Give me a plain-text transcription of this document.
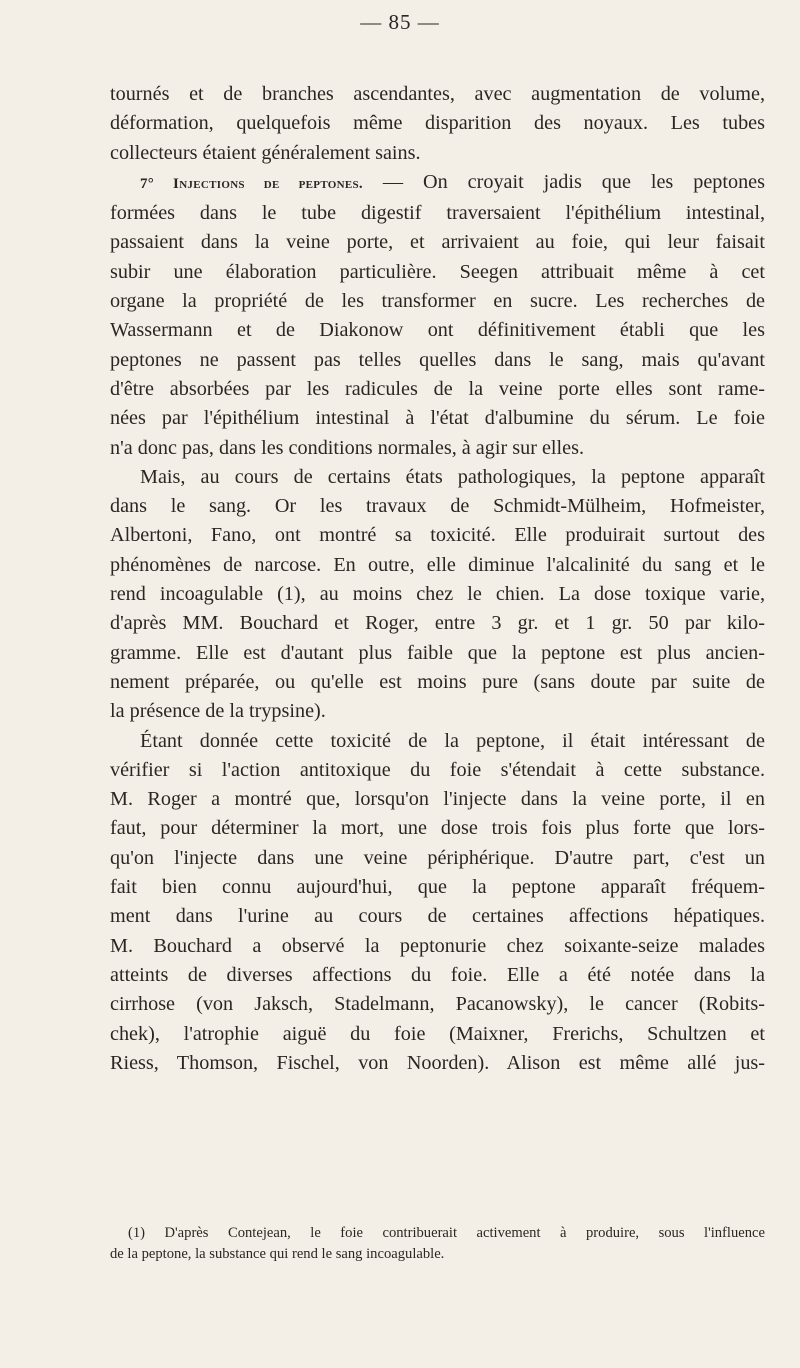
— 85 —

tournés et de branches ascendantes, avec augmentation de volume,
déformation, quelquefois même disparition des noyaux. Les tubes
collecteurs étaient généralement sains.

7° Injections de peptones. — On croyait jadis que les peptones
formées dans le tube digestif traversaient l'épithélium intestinal,
passaient dans la veine porte, et arrivaient au foie, qui leur faisait
subir une élaboration particulière. Seegen attribuait même à cet
organe la propriété de les transformer en sucre. Les recherches de
Wassermann et de Diakonow ont définitivement établi que les
peptones ne passent pas telles quelles dans le sang, mais qu'avant
d'être absorbées par les radicules de la veine porte elles sont rame-
nées par l'épithélium intestinal à l'état d'albumine du sérum. Le foie
n'a donc pas, dans les conditions normales, à agir sur elles.

Mais, au cours de certains états pathologiques, la peptone apparaît
dans le sang. Or les travaux de Schmidt-Mülheim, Hofmeister,
Albertoni, Fano, ont montré sa toxicité. Elle produirait surtout des
phénomènes de narcose. En outre, elle diminue l'alcalinité du sang et le
rend incoagulable (1), au moins chez le chien. La dose toxique varie,
d'après MM. Bouchard et Roger, entre 3 gr. et 1 gr. 50 par kilo-
gramme. Elle est d'autant plus faible que la peptone est plus ancien-
nement préparée, ou qu'elle est moins pure (sans doute par suite de
la présence de la trypsine).

Étant donnée cette toxicité de la peptone, il était intéressant de
vérifier si l'action antitoxique du foie s'étendait à cette substance.
M. Roger a montré que, lorsqu'on l'injecte dans la veine porte, il en
faut, pour déterminer la mort, une dose trois fois plus forte que lors-
qu'on l'injecte dans une veine périphérique. D'autre part, c'est un
fait bien connu aujourd'hui, que la peptone apparaît fréquem-
ment dans l'urine au cours de certaines affections hépatiques.
M. Bouchard a observé la peptonurie chez soixante-seize malades
atteints de diverses affections du foie. Elle a été notée dans la
cirrhose (von Jaksch, Stadelmann, Pacanowsky), le cancer (Robits-
chek), l'atrophie aiguë du foie (Maixner, Frerichs, Schultzen et
Riess, Thomson, Fischel, von Noorden). Alison est même allé jus-

(1) D'après Contejean, le foie contribuerait activement à produire, sous l'influence
de la peptone, la substance qui rend le sang incoagulable.
